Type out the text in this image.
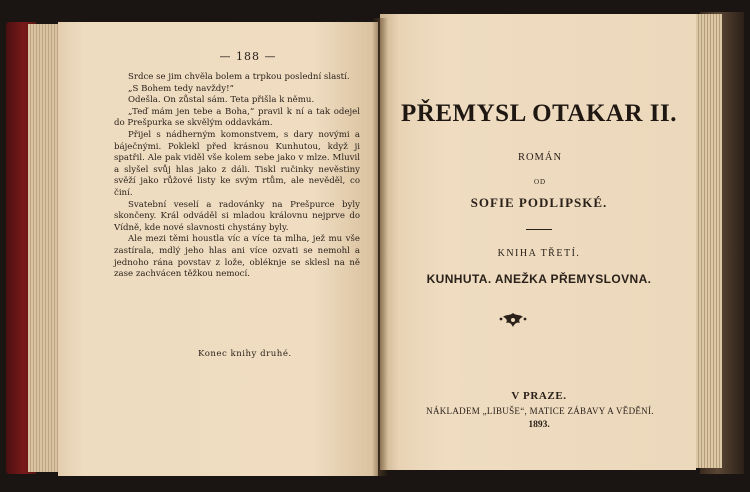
— 188 —

Srdce se jim chvěla bolem a trpkou poslední slastí.

„S Bohem tedy navždy!“

Odešla. On zůstal sám. Teta přišla k němu.

„Teď mám jen tebe a Boha,“ pravil k ní a tak odejel do Prešpurka se skvělým oddavkám.

Přijel s nádherným komonstvem, s dary novými a báječnými. Poklekl před krásnou Kunhutou, když ji spatřil. Ale pak viděl vše kolem sebe jako v mlze. Mluvil a slyšel svůj hlas jako z dáli. Tiskl ručinky nevěstiny svěží jako růžové listy ke svým rtům, ale nevěděl, co činí.

Svatební veselí a radovánky na Prešpurce byly skončeny. Král odváděl si mladou královnu nejprve do Vídně, kde nové slavnosti chystány byly.

Ale mezi těmi houstla víc a více ta mlha, jež mu vše zastírala, mdlý jeho hlas ani více ozvati se nemohl a jednoho rána povstav z lože, obléknje se sklesl na ně zase zachvácen těžkou nemocí.

Konec knihy druhé.
PŘEMYSL OTAKAR II.
ROMÁN
OD
SOFIE PODLIPSKÉ.
KNIHA TŘETÍ.
KUNHUTA. ANEŽKA PŘEMYSLOVNA.
V PRAZE.
NÁKLADEM „LIBUŠE“, MATICE ZÁBAVY A VĚDĚNÍ.
1893.
